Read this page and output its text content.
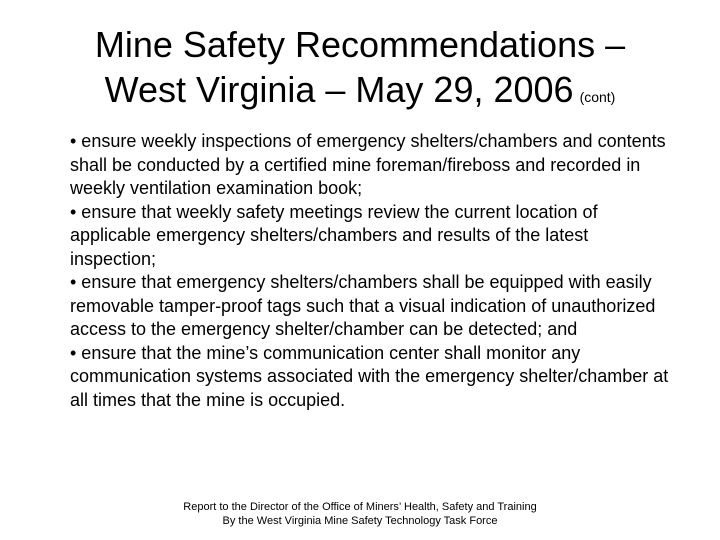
Mine Safety Recommendations –
West Virginia – May 29, 2006 (cont)

• ensure weekly inspections of emergency shelters/chambers and contents shall be conducted by a certified mine foreman/fireboss and recorded in weekly ventilation examination book;

• ensure that weekly safety meetings review the current location of applicable emergency shelters/chambers and results of the latest inspection;

• ensure that emergency shelters/chambers shall be equipped with easily removable tamper-proof tags such that a visual indication of unauthorized access to the emergency shelter/chamber can be detected; and

• ensure that the mine’s communication center shall monitor any communication systems associated with the emergency shelter/chamber at all times that the mine is occupied.

Report to the Director of the Office of Miners’ Health, Safety and Training
By the West Virginia Mine Safety Technology Task Force
